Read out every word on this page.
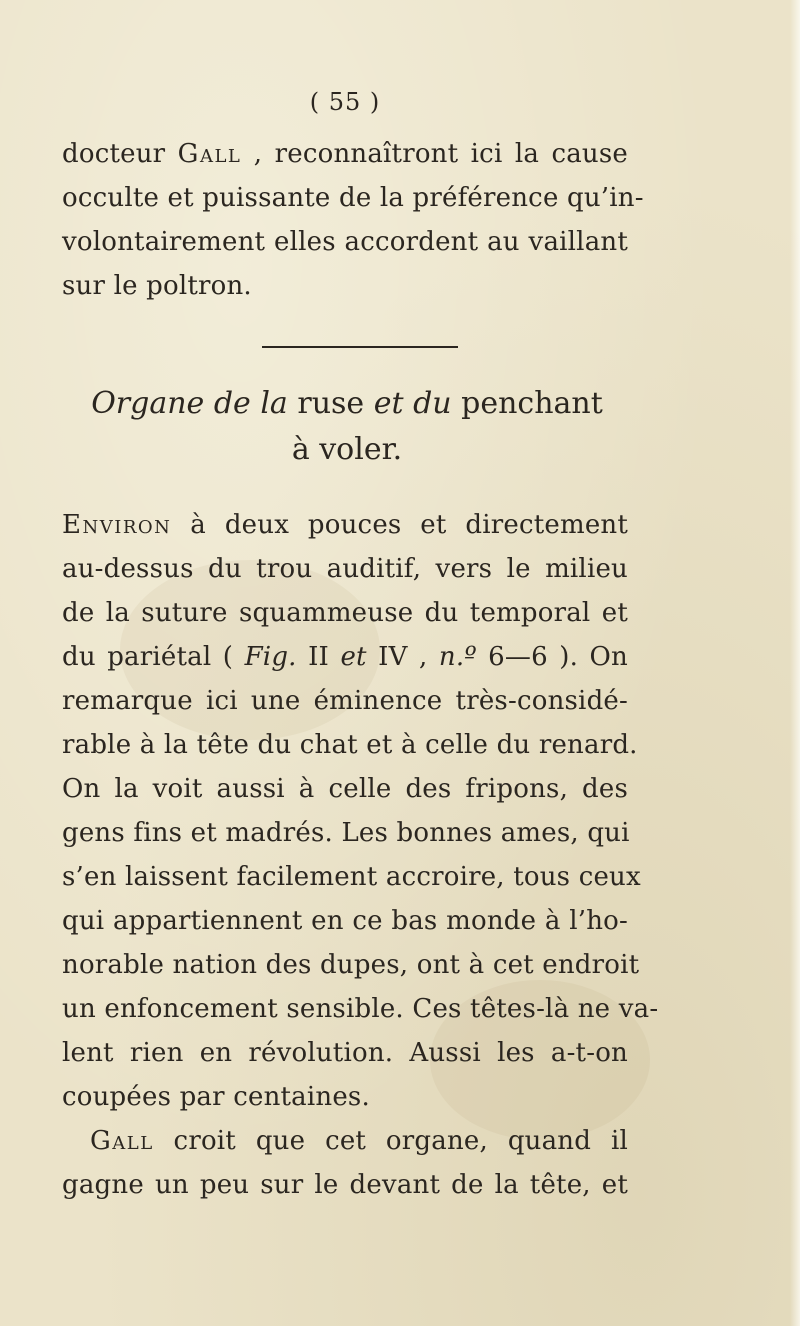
( 55 )
docteur Gall , reconnaîtront ici la cause
occulte et puissante de la préférence qu’in-
volontairement elles accordent au vaillant
sur le poltron.
Organe de la ruse et du penchant
à voler.
Environ à deux pouces et directement
au-dessus du trou auditif, vers le milieu
de la suture squammeuse du temporal et
du pariétal ( Fig. II et IV , n.º 6—6 ). On
remarque ici une éminence très-considé-
rable à la tête du chat et à celle du renard.
On la voit aussi à celle des fripons, des
gens fins et madrés. Les bonnes ames, qui
s’en laissent facilement accroire, tous ceux
qui appartiennent en ce bas monde à l’ho-
norable nation des dupes, ont à cet endroit
un enfoncement sensible. Ces têtes-là ne va-
lent rien en révolution. Aussi les a-t-on
coupées par centaines.
Gall croit que cet organe, quand il
gagne un peu sur le devant de la tête, et
